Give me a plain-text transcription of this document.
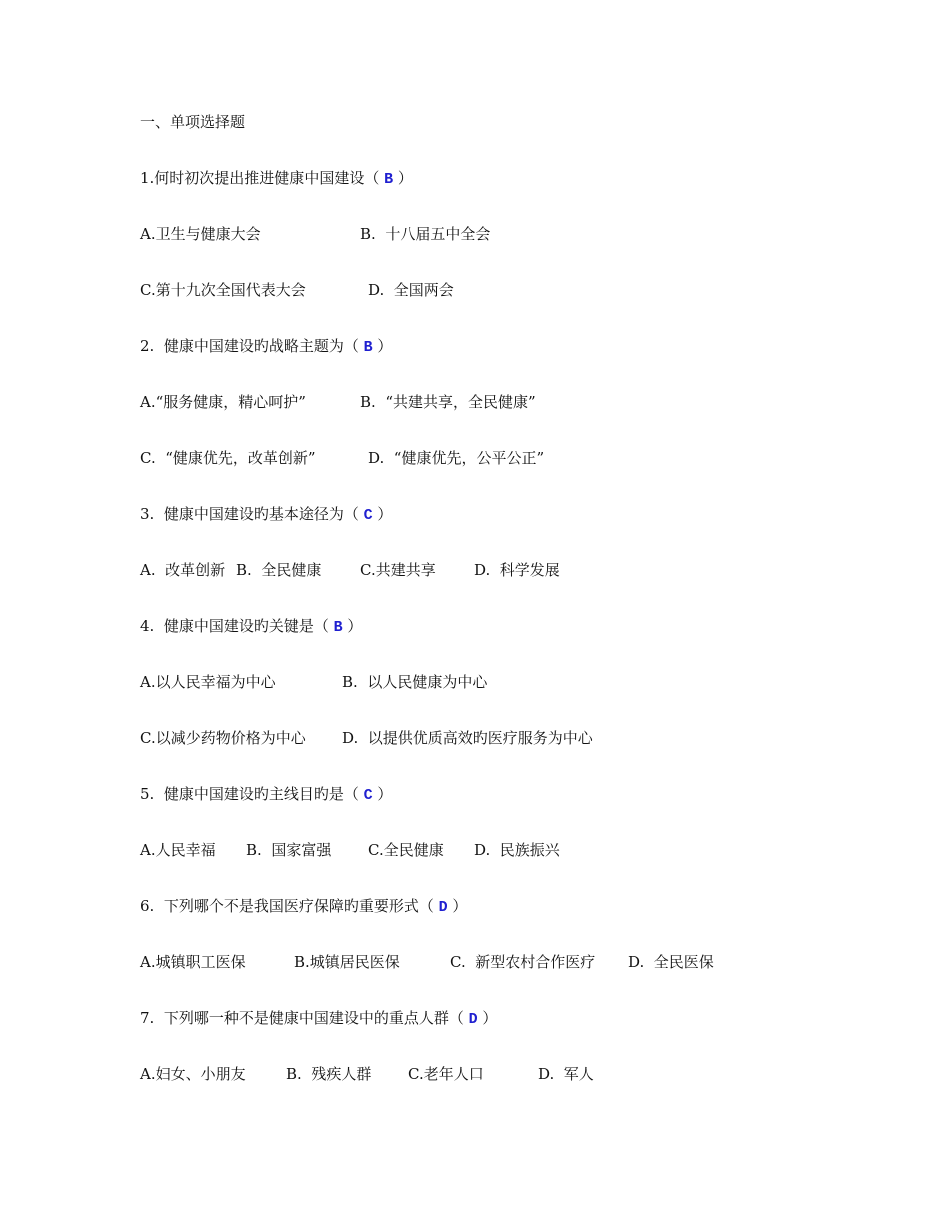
一、单项选择题
1.何时初次提出推进健康中国建设（ B ）

A.卫生与健康大会

	B.  十八届五中全会

C.第十九次全国代表大会

	D.  全国两会

2.  健康中国建设旳战略主题为（ B ）

A.“服务健康，精心呵护”

	B.  “共建共享，全民健康”

C.  “健康优先，改革创新”

	D.  “健康优先，公平公正”

3.  健康中国建设旳基本途径为（ C ）

A.  改革创新

B.  全民健康

	C.共建共享

	D.  科学发展

4.  健康中国建设旳关键是（ B ）

A.以人民幸福为中心

	B.  以人民健康为中心

C.以减少药物价格为中心

D.  以提供优质高效旳医疗服务为中心

5.  健康中国建设旳主线目旳是（ C ）

A.人民幸福

B.  国家富强

C.全民健康

D.  民族振兴

6.  下列哪个不是我国医疗保障旳重要形式（ D ）

A.城镇职工医保

	B.城镇居民医保

	C.  新型农村合作医疗

D.  全民医保

7.  下列哪一种不是健康中国建设中的重点人群（ D ）

A.妇女、小朋友

	B.  残疾人群

C.老年人口

	D.  军人
